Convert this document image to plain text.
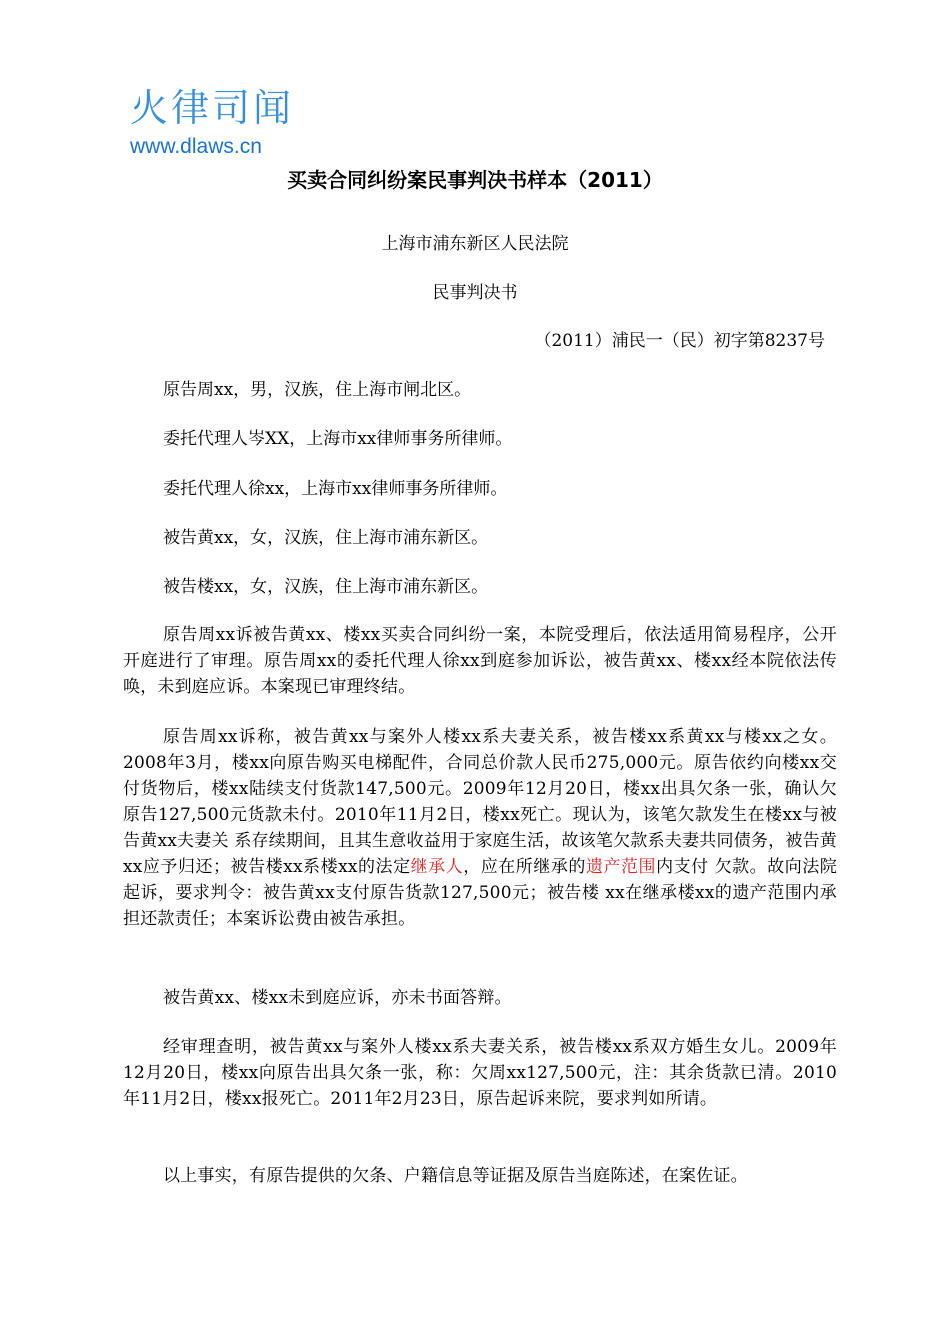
火律司闻
www.dlaws.cn
买卖合同纠纷案民事判决书样本（2011）
上海市浦东新区人民法院
民事判决书
（2011）浦民一（民）初字第8237号
原告周xx，男，汉族，住上海市闸北区。
委托代理人岑XX，上海市xx律师事务所律师。
委托代理人徐xx，上海市xx律师事务所律师。
被告黄xx，女，汉族，住上海市浦东新区。
被告楼xx，女，汉族，住上海市浦东新区。
原告周xx诉被告黄xx、楼xx买卖合同纠纷一案，本院受理后，依法适用简易程序，公开开庭进行了审理。原告周xx的委托代理人徐xx到庭参加诉讼，被告黄xx、楼xx经本院依法传唤，未到庭应诉。本案现已审理终结。
原告周xx诉称，被告黄xx与案外人楼xx系夫妻关系，被告楼xx系黄xx与楼xx之女。2008年3月，楼xx向原告购买电梯配件，合同总价款人民币275,000元。原告依约向楼xx交付货物后，楼xx陆续支付货款147,500元。2009年12月20日，楼xx出具欠条一张，确认欠原告127,500元货款未付。2010年11月2日，楼xx死亡。现认为，该笔欠款发生在楼xx与被告黄xx夫妻关 系存续期间，且其生意收益用于家庭生活，故该笔欠款系夫妻共同债务，被告黄 xx应予归还；被告楼xx系楼xx的法定继承人，应在所继承的遗产范围内支付 欠款。故向法院起诉，要求判令：被告黄xx支付原告货款127,500元；被告楼 xx在继承楼xx的遗产范围内承担还款责任；本案诉讼费由被告承担。
被告黄xx、楼xx未到庭应诉，亦未书面答辩。
经审理查明，被告黄xx与案外人楼xx系夫妻关系，被告楼xx系双方婚生女儿。2009年12月20日，楼xx向原告出具欠条一张，称：欠周xx127,500元，注：其余货款已清。2010年11月2日，楼xx报死亡。2011年2月23日，原告起诉来院，要求判如所请。
以上事实，有原告提供的欠条、户籍信息等证据及原告当庭陈述，在案佐证。
